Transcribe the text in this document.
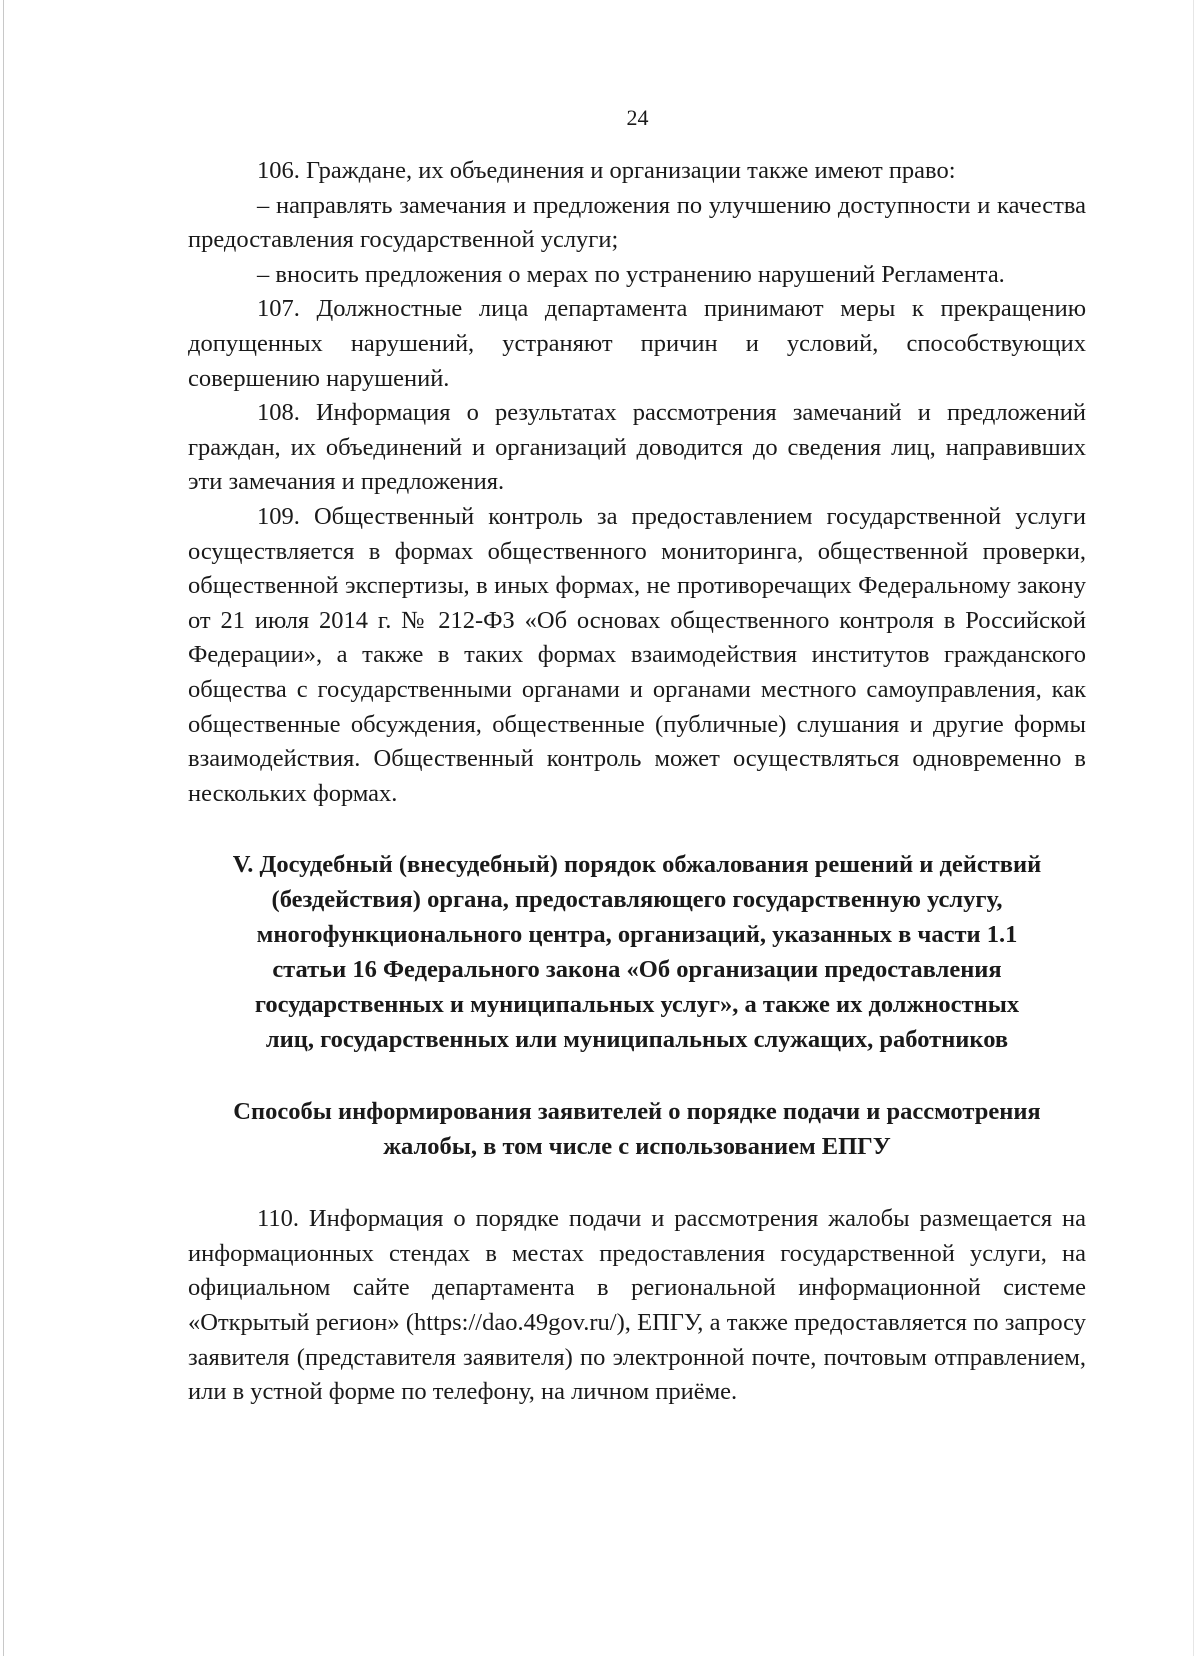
24

106. Граждане, их объединения и организации также имеют право:

– направлять замечания и предложения по улучшению доступности и качества предоставления государственной услуги;

– вносить предложения о мерах по устранению нарушений Регламента.

107. Должностные лица департамента принимают меры к прекращению допущенных нарушений, устраняют причин и условий, способствующих совершению нарушений.

108. Информация о результатах рассмотрения замечаний и предложений граждан, их объединений и организаций доводится до сведения лиц, направивших эти замечания и предложения.

109. Общественный контроль за предоставлением государственной услуги осуществляется в формах общественного мониторинга, общественной проверки, общественной экспертизы, в иных формах, не противоречащих Федеральному закону от 21 июля 2014 г. № 212-ФЗ «Об основах общественного контроля в Российской Федерации», а также в таких формах взаимодействия институтов гражданского общества с государственными органами и органами местного самоуправления, как общественные обсуждения, общественные (публичные) слушания и другие формы взаимодействия. Общественный контроль может осуществляться одновременно в нескольких формах.

V. Досудебный (внесудебный) порядок обжалования решений и действий
(бездействия) органа, предоставляющего государственную услугу,
многофункционального центра, организаций, указанных в части 1.1
статьи 16 Федерального закона «Об организации предоставления
государственных и муниципальных услуг», а также их должностных
лиц, государственных или муниципальных служащих, работников
Способы информирования заявителей о порядке подачи и рассмотрения
жалобы, в том числе с использованием ЕПГУ

110. Информация о порядке подачи и рассмотрения жалобы размещается на информационных стендах в местах предоставления государственной услуги, на официальном сайте департамента в региональной информационной системе «Открытый регион» (https://dao.49gov.ru/), ЕПГУ, а также предоставляется по запросу заявителя (представителя заявителя) по электронной почте, почтовым отправлением, или в устной форме по телефону, на личном приёме.
